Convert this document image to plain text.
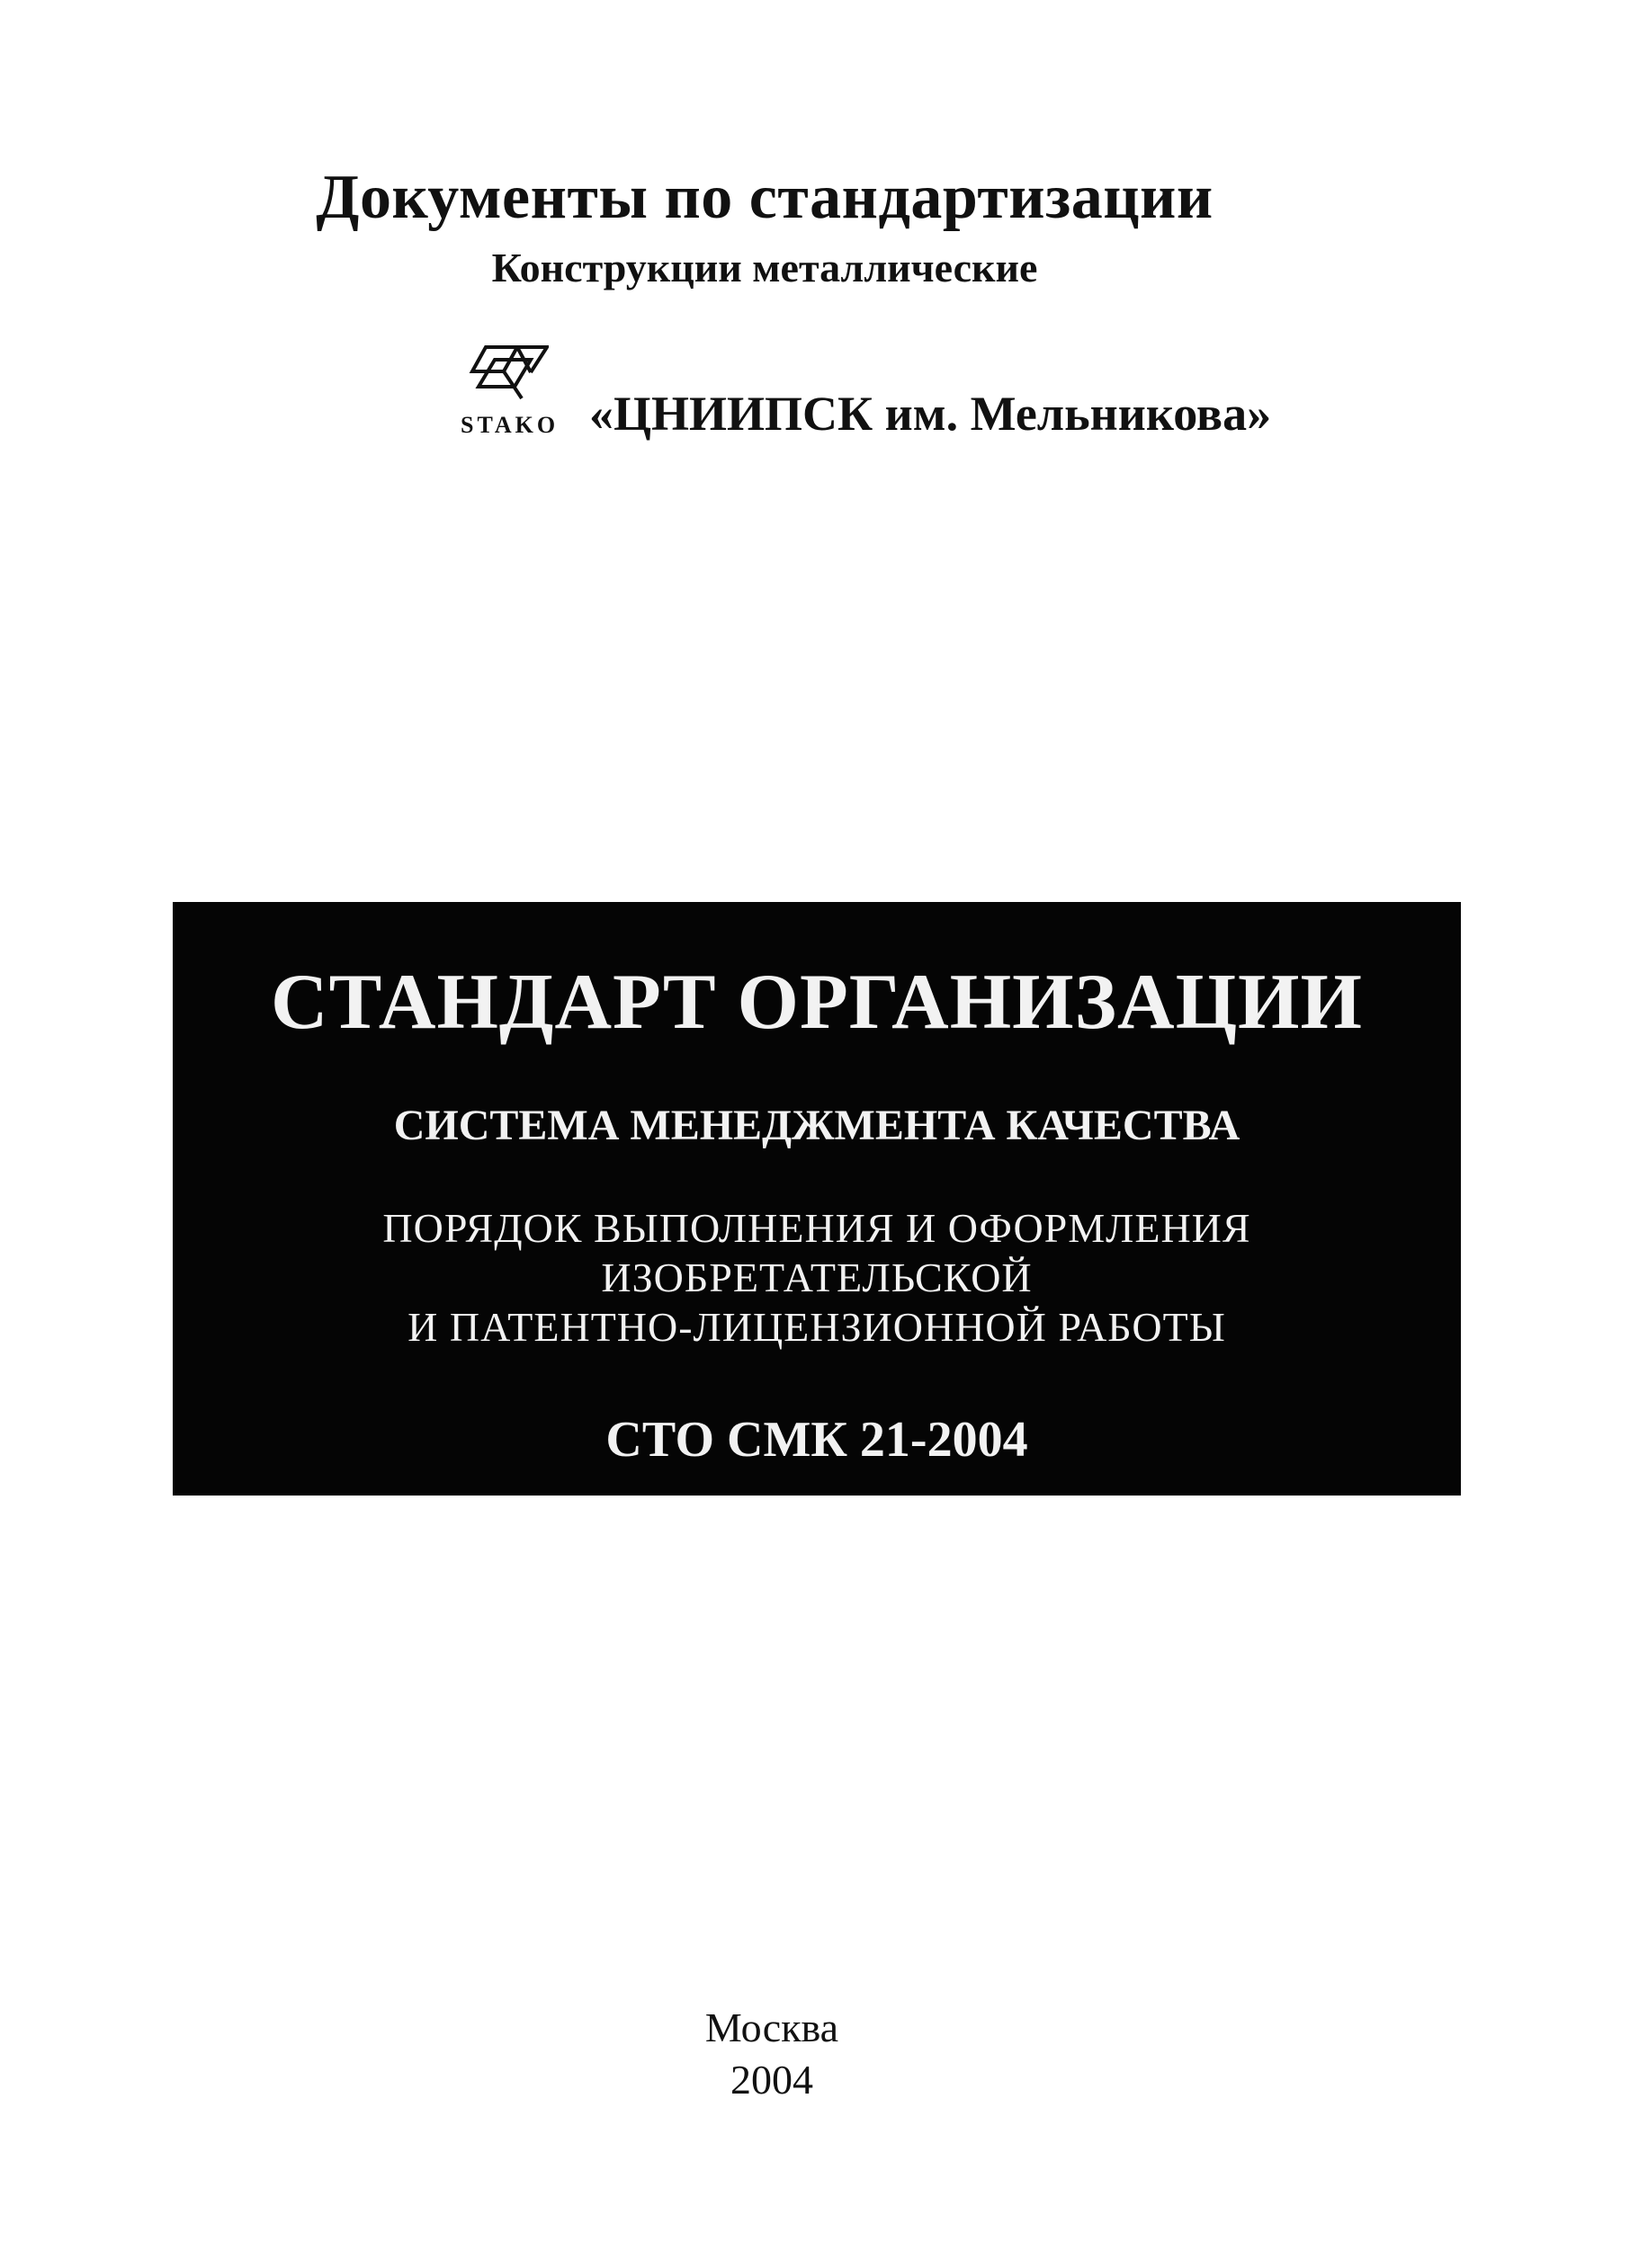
Документы по стандартизации
Конструкции металлические
STAKO «ЦНИИПСК им. Мельникова»
СТАНДАРТ ОРГАНИЗАЦИИ
СИСТЕМА МЕНЕДЖМЕНТА КАЧЕСТВА
ПОРЯДОК ВЫПОЛНЕНИЯ И ОФОРМЛЕНИЯ
ИЗОБРЕТАТЕЛЬСКОЙ
И ПАТЕНТНО-ЛИЦЕНЗИОННОЙ РАБОТЫ
СТО СМК 21-2004
Москва
2004
